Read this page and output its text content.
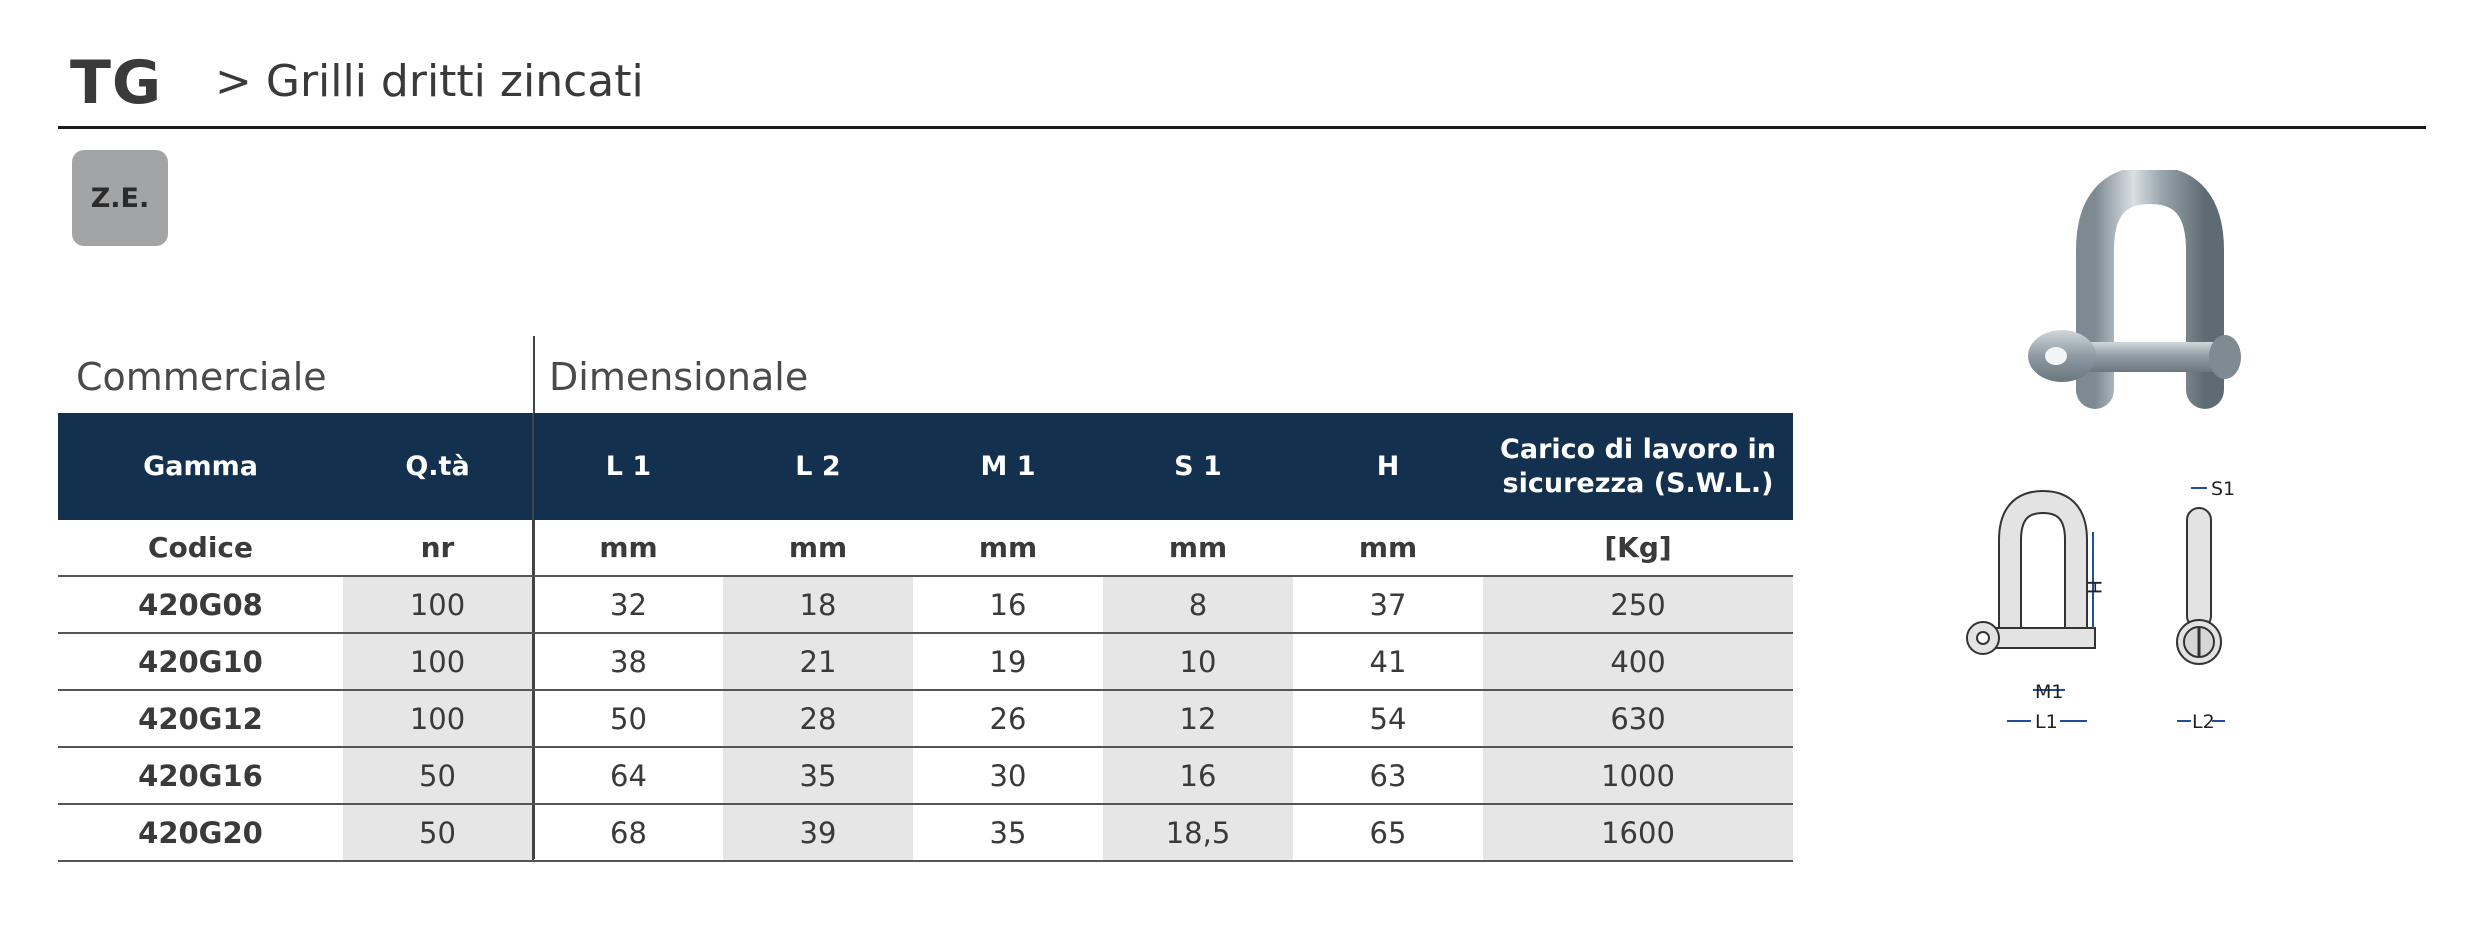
TG > Grilli dritti zincati
Z.E.
Commerciale	Dimensionale
Gamma	Q.tà	L 1	L 2	M 1	S 1	H	Carico di lavoro in sicurezza (S.W.L.)
Codice	nr	mm	mm	mm	mm	mm	[Kg]
420G08	100	32	18	16	8	37	250
420G10	100	38	21	19	10	41	400
420G12	100	50	28	26	12	54	630
420G16	50	64	35	30	16	63	1000
420G20	50	68	39	35	18,5	65	1600
H
M1
L1
S1
L2
